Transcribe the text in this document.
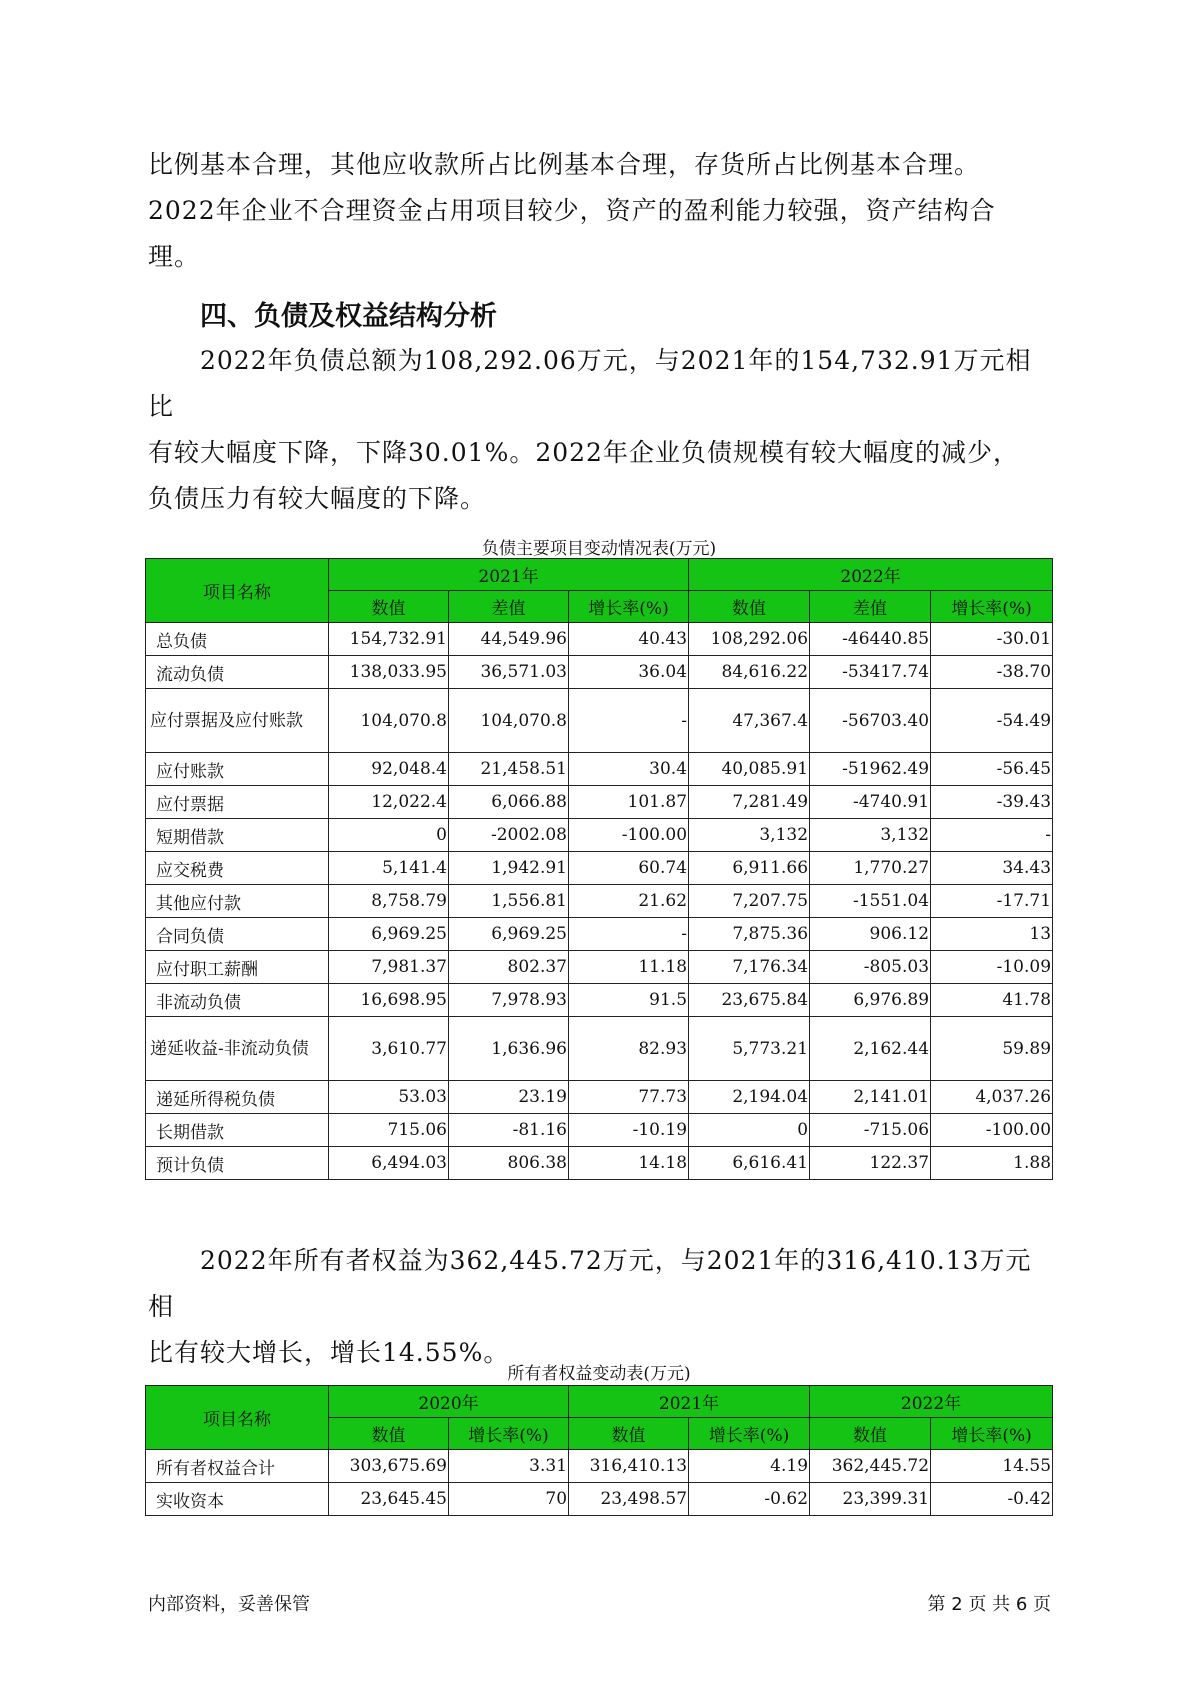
比例基本合理，其他应收款所占比例基本合理，存货所占比例基本合理。
2022年企业不合理资金占用项目较少，资产的盈利能力较强，资产结构合
理。
四、负债及权益结构分析
2022年负债总额为108,292.06万元，与2021年的154,732.91万元相比
有较大幅度下降，下降30.01%。2022年企业负债规模有较大幅度的减少，
负债压力有较大幅度的下降。
负债主要项目变动情况表(万元)
项目名称	2021年			2022年		
	数值	差值	增长率(%)	数值	差值	增长率(%)
总负债	154,732.91	44,549.96	40.43	108,292.06	-46440.85	-30.01
流动负债	138,033.95	36,571.03	36.04	84,616.22	-53417.74	-38.70
应付票据及应付账款	104,070.8	104,070.8	-	47,367.4	-56703.40	-54.49
应付账款	92,048.4	21,458.51	30.4	40,085.91	-51962.49	-56.45
应付票据	12,022.4	6,066.88	101.87	7,281.49	-4740.91	-39.43
短期借款	0	-2002.08	-100.00	3,132	3,132	-
应交税费	5,141.4	1,942.91	60.74	6,911.66	1,770.27	34.43
其他应付款	8,758.79	1,556.81	21.62	7,207.75	-1551.04	-17.71
合同负债	6,969.25	6,969.25	-	7,875.36	906.12	13
应付职工薪酬	7,981.37	802.37	11.18	7,176.34	-805.03	-10.09
非流动负债	16,698.95	7,978.93	91.5	23,675.84	6,976.89	41.78
递延收益-非流动负债	3,610.77	1,636.96	82.93	5,773.21	2,162.44	59.89
递延所得税负债	53.03	23.19	77.73	2,194.04	2,141.01	4,037.26
长期借款	715.06	-81.16	-10.19	0	-715.06	-100.00
预计负债	6,494.03	806.38	14.18	6,616.41	122.37	1.88
2022年所有者权益为362,445.72万元，与2021年的316,410.13万元相
比有较大增长，增长14.55%。
所有者权益变动表(万元)
项目名称	2020年		2021年		2022年	
	数值	增长率(%)	数值	增长率(%)	数值	增长率(%)
所有者权益合计	303,675.69	3.31	316,410.13	4.19	362,445.72	14.55
实收资本	23,645.45	70	23,498.57	-0.62	23,399.31	-0.42
内部资料，妥善保管	第 2 页 共 6 页
